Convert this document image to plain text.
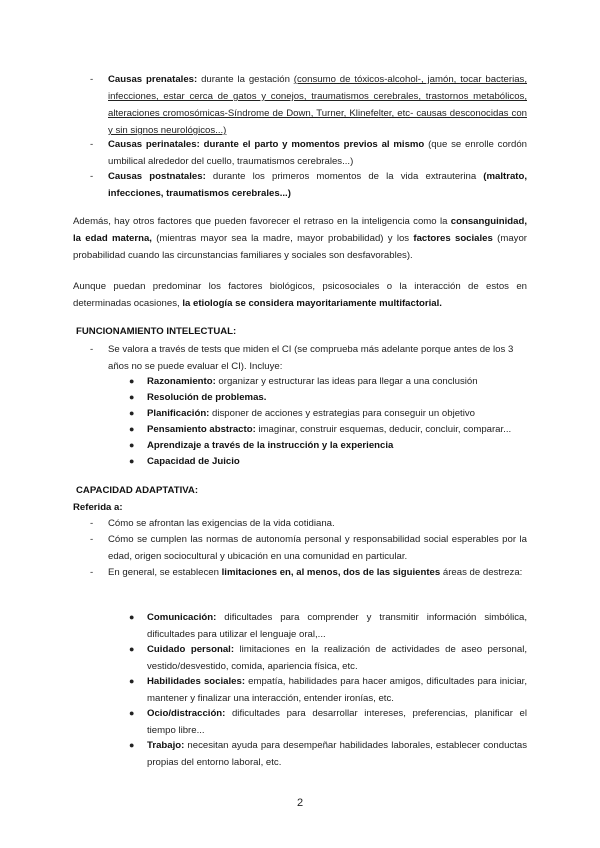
- Causas prenatales: durante la gestación (consumo de tóxicos-alcohol-, jamón, tocar bacterias, infecciones, estar cerca de gatos y conejos, traumatismos cerebrales, trastornos metabólicos, alteraciones cromosómicas-Síndrome de Down, Turner, Klinefelter, etc- causas desconocidas con y sin signos neurológicos...)

- Causas perinatales: durante el parto y momentos previos al mismo (que se enrolle cordón umbilical alrededor del cuello, traumatismos cerebrales...)

- Causas postnatales: durante los primeros momentos de la vida extrauterina (maltrato, infecciones, traumatismos cerebrales...)

Además, hay otros factores que pueden favorecer el retraso en la inteligencia como la consanguinidad, la edad materna, (mientras mayor sea la madre, mayor probabilidad) y los factores sociales (mayor probabilidad cuando las circunstancias familiares y sociales son desfavorables).

Aunque puedan predominar los factores biológicos, psicosociales o la interacción de estos en determinadas ocasiones, la etiología se considera mayoritariamente multifactorial.

FUNCIONAMIENTO INTELECTUAL:
- Se valora a través de tests que miden el CI (se comprueba más adelante porque antes de los 3 años no se puede evaluar el CI). Incluye:

● Razonamiento: organizar y estructurar las ideas para llegar a una conclusión

● Resolución de problemas.

● Planificación: disponer de acciones y estrategias para conseguir un objetivo

● Pensamiento abstracto: imaginar, construir esquemas, deducir, concluir, comparar...

● Aprendizaje a través de la instrucción y la experiencia

● Capacidad de Juicio

CAPACIDAD ADAPTATIVA:
Referida a:
- Cómo se afrontan las exigencias de la vida cotidiana.

- Cómo se cumplen las normas de autonomía personal y responsabilidad social esperables por la edad, origen sociocultural y ubicación en una comunidad en particular.

- En general, se establecen limitaciones en, al menos, dos de las siguientes áreas de destreza:

● Comunicación: dificultades para comprender y transmitir información simbólica, dificultades para utilizar el lenguaje oral,...

● Cuidado personal: limitaciones en la realización de actividades de aseo personal, vestido/desvestido, comida, apariencia física, etc.

● Habilidades sociales: empatía, habilidades para hacer amigos, dificultades para iniciar, mantener y finalizar una interacción, entender ironías, etc.

● Ocio/distracción: dificultades para desarrollar intereses, preferencias, planificar el tiempo libre...

● Trabajo: necesitan ayuda para desempeñar habilidades laborales, establecer conductas propias del entorno laboral, etc.

2
